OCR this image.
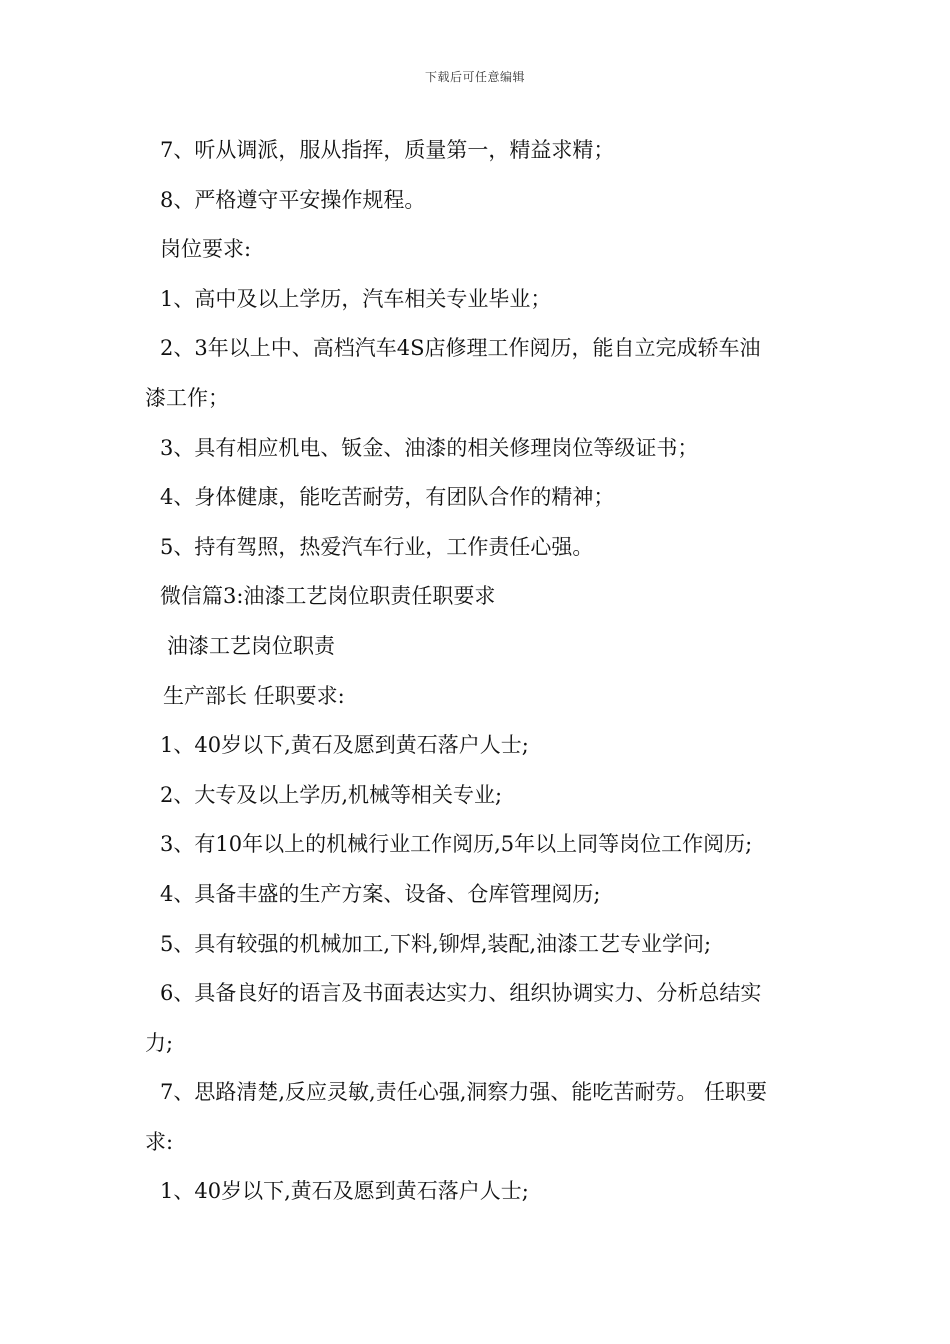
下载后可任意编辑
7、听从调派，服从指挥，质量第一，精益求精；
8、严格遵守平安操作规程。
岗位要求:
1、高中及以上学历，汽车相关专业毕业；
2、3年以上中、高档汽车4S店修理工作阅历，能自立完成轿车油
漆工作；
3、具有相应机电、钣金、油漆的相关修理岗位等级证书；
4、身体健康，能吃苦耐劳，有团队合作的精神；
5、持有驾照，热爱汽车行业，工作责任心强。
微信篇3:油漆工艺岗位职责任职要求
油漆工艺岗位职责
生产部长 任职要求:
1、40岁以下,黄石及愿到黄石落户人士;
2、大专及以上学历,机械等相关专业;
3、有10年以上的机械行业工作阅历,5年以上同等岗位工作阅历;
4、具备丰盛的生产方案、设备、仓库管理阅历;
5、具有较强的机械加工,下料,铆焊,装配,油漆工艺专业学问;
6、具备良好的语言及书面表达实力、组织协调实力、分析总结实
力;
7、思路清楚,反应灵敏,责任心强,洞察力强、能吃苦耐劳。 任职要
求:
1、40岁以下,黄石及愿到黄石落户人士;
